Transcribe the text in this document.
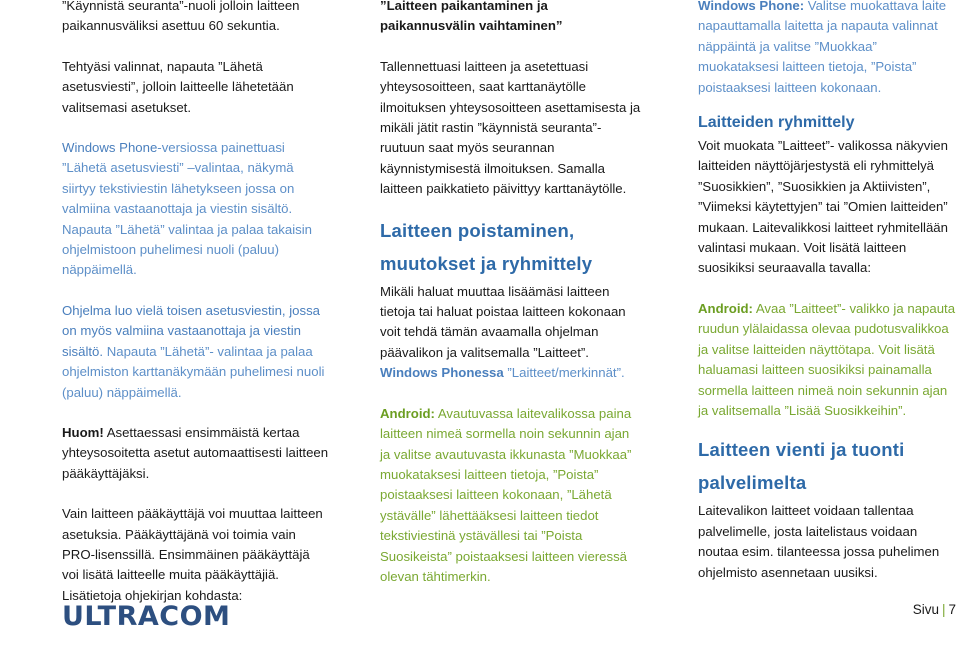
”Käynnistä seuranta”-nuoli jolloin laitteen paikannusväliksi asettuu 60 sekuntia.

Tehtyäsi valinnat, napauta ”Lähetä asetusviesti”, jolloin laitteelle lähetetään valitsemasi asetukset.

Windows Phone-versiossa painettuasi ”Lähetä asetusviesti” –valintaa, näkymä siirtyy tekstiviestin lähetykseen jossa on valmiina vastaanottaja ja viestin sisältö. Napauta ”Lähetä” valintaa ja palaa takaisin ohjelmistoon puhelimesi nuoli (paluu) näppäimellä.

Ohjelma luo vielä toisen asetusviestin, jossa on myös valmiina vastaanottaja ja viestin sisältö. Napauta ”Lähetä”- valintaa ja palaa ohjelmiston karttanäkymään puhelimesi nuoli (paluu) näppäimellä.

Huom! Asettaessasi ensimmäistä kertaa yhteysosoitetta asetut automaattisesti laitteen pääkäyttäjäksi.

Vain laitteen pääkäyttäjä voi muuttaa laitteen asetuksia. Pääkäyttäjänä voi toimia vain PRO-lisenssillä. Ensimmäinen pääkäyttäjä voi lisätä laitteelle muita pääkäyttäjiä. Lisätietoja ohjekirjan kohdasta:

”Laitteen paikantaminen ja paikannusvälin vaihtaminen”

Tallennettuasi laitteen ja asetettuasi yhteysosoitteen, saat karttanäytölle ilmoituksen yhteysosoitteen asettamisesta ja mikäli jätit rastin ”käynnistä seuranta”-ruutuun saat myös seurannan käynnistymisestä ilmoituksen. Samalla laitteen paikkatieto päivittyy karttanäytölle.

Laitteen poistaminen, muutokset ja ryhmittely

Mikäli haluat muuttaa lisäämäsi laitteen tietoja tai haluat poistaa laitteen kokonaan voit tehdä tämän avaamalla ohjelman päävalikon ja valitsemalla ”Laitteet”. Windows Phonessa ”Laitteet/merkinnät”.

Android: Avautuvassa laitevalikossa paina laitteen nimeä sormella noin sekunnin ajan ja valitse avautuvasta ikkunasta ”Muokkaa” muokataksesi laitteen tietoja, ”Poista” poistaaksesi laitteen kokonaan, ”Lähetä ystävälle” lähettääksesi laitteen tiedot tekstiviestinä ystävällesi tai ”Poista Suosikeista” poistaaksesi laitteen vieressä olevan tähtimerkin.

Windows Phone: Valitse muokattava laite napauttamalla laitetta ja napauta valinnat näppäintä ja valitse ”Muokkaa” muokataksesi laitteen tietoja, ”Poista” poistaaksesi laitteen kokonaan.

Laitteiden ryhmittely

Voit muokata ”Laitteet”- valikossa näkyvien laitteiden näyttöjärjestystä eli ryhmittelyä ”Suosikkien”, ”Suosikkien ja Aktiivisten”, ”Viimeksi käytettyjen” tai ”Omien laitteiden” mukaan. Laitevalikkosi laitteet ryhmitellään valintasi mukaan. Voit lisätä laitteen suosikiksi seuraavalla tavalla:

Android: Avaa ”Laitteet”- valikko ja napauta ruudun ylälaidassa olevaa pudotusvalikkoa ja valitse laitteiden näyttötapa. Voit lisätä haluamasi laitteen suosikiksi painamalla sormella laitteen nimeä noin sekunnin ajan ja valitsemalla ”Lisää Suosikkeihin”.

Laitteen vienti ja tuonti palvelimelta

Laitevalikon laitteet voidaan tallentaa palvelimelle, josta laitelistaus voidaan noutaa esim. tilanteessa jossa puhelimen ohjelmisto asennetaan uusiksi.

ULTRACOM	Sivu | 7
